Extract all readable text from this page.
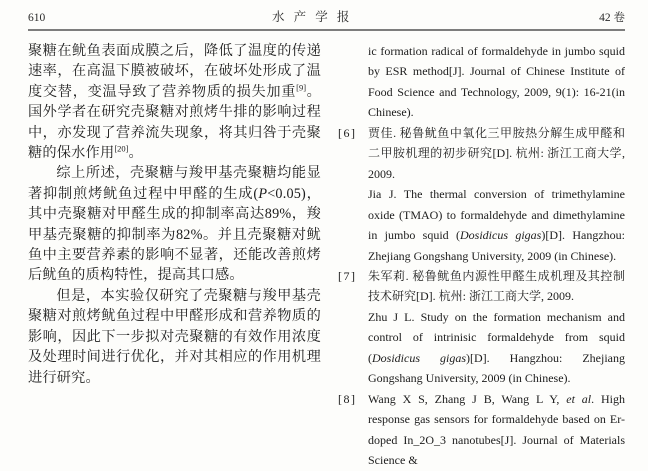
610	水 产 学 报	42 卷

聚糖在鱿鱼表面成膜之后，降低了温度的传递速率，在高温下膜被破坏，在破坏处形成了温度交替，变温导致了营养物质的损失加重[9]。国外学者在研究壳聚糖对煎烤牛排的影响过程中，亦发现了营养流失现象，将其归咎于壳聚糖的保水作用[20]。

综上所述，壳聚糖与羧甲基壳聚糖均能显著抑制煎烤鱿鱼过程中甲醛的生成(P<0.05)，其中壳聚糖对甲醛生成的抑制率高达89%，羧甲基壳聚糖的抑制率为82%。并且壳聚糖对鱿鱼中主要营养素的影响不显著，还能改善煎烤后鱿鱼的质构特性，提高其口感。

但是，本实验仅研究了壳聚糖与羧甲基壳聚糖对煎烤鱿鱼过程中甲醛形成和营养物质的影响，因此下一步拟对壳聚糖的有效作用浓度及处理时间进行优化，并对其相应的作用机理进行研究。

ic formation radical of formaldehyde in jumbo squid by ESR method[J]. Journal of Chinese Institute of Food Science and Technology, 2009, 9(1): 16-21(in Chinese).

[6] 贾佳. 秘鲁鱿鱼中氧化三甲胺热分解生成甲醛和二甲胺机理的初步研究[D]. 杭州: 浙江工商大学, 2009.

Jia J. The thermal conversion of trimethylamine oxide (TMAO) to formaldehyde and dimethylamine in jumbo squid (Dosidicus gigas)[D]. Hangzhou: Zhejiang Gongshang University, 2009 (in Chinese).

[7] 朱军莉. 秘鲁鱿鱼内源性甲醛生成机理及其控制技术研究[D]. 杭州: 浙江工商大学, 2009.

Zhu J L. Study on the formation mechanism and control of intrinisic formaldehyde from squid (Dosidicus gigas)[D]. Hangzhou: Zhejiang Gongshang University, 2009 (in Chinese).

[8] Wang X S, Zhang J B, Wang L Y, et al. High response gas sensors for formaldehyde based on Er-doped In_2O_3 nanotubes[J]. Journal of Materials Science &
